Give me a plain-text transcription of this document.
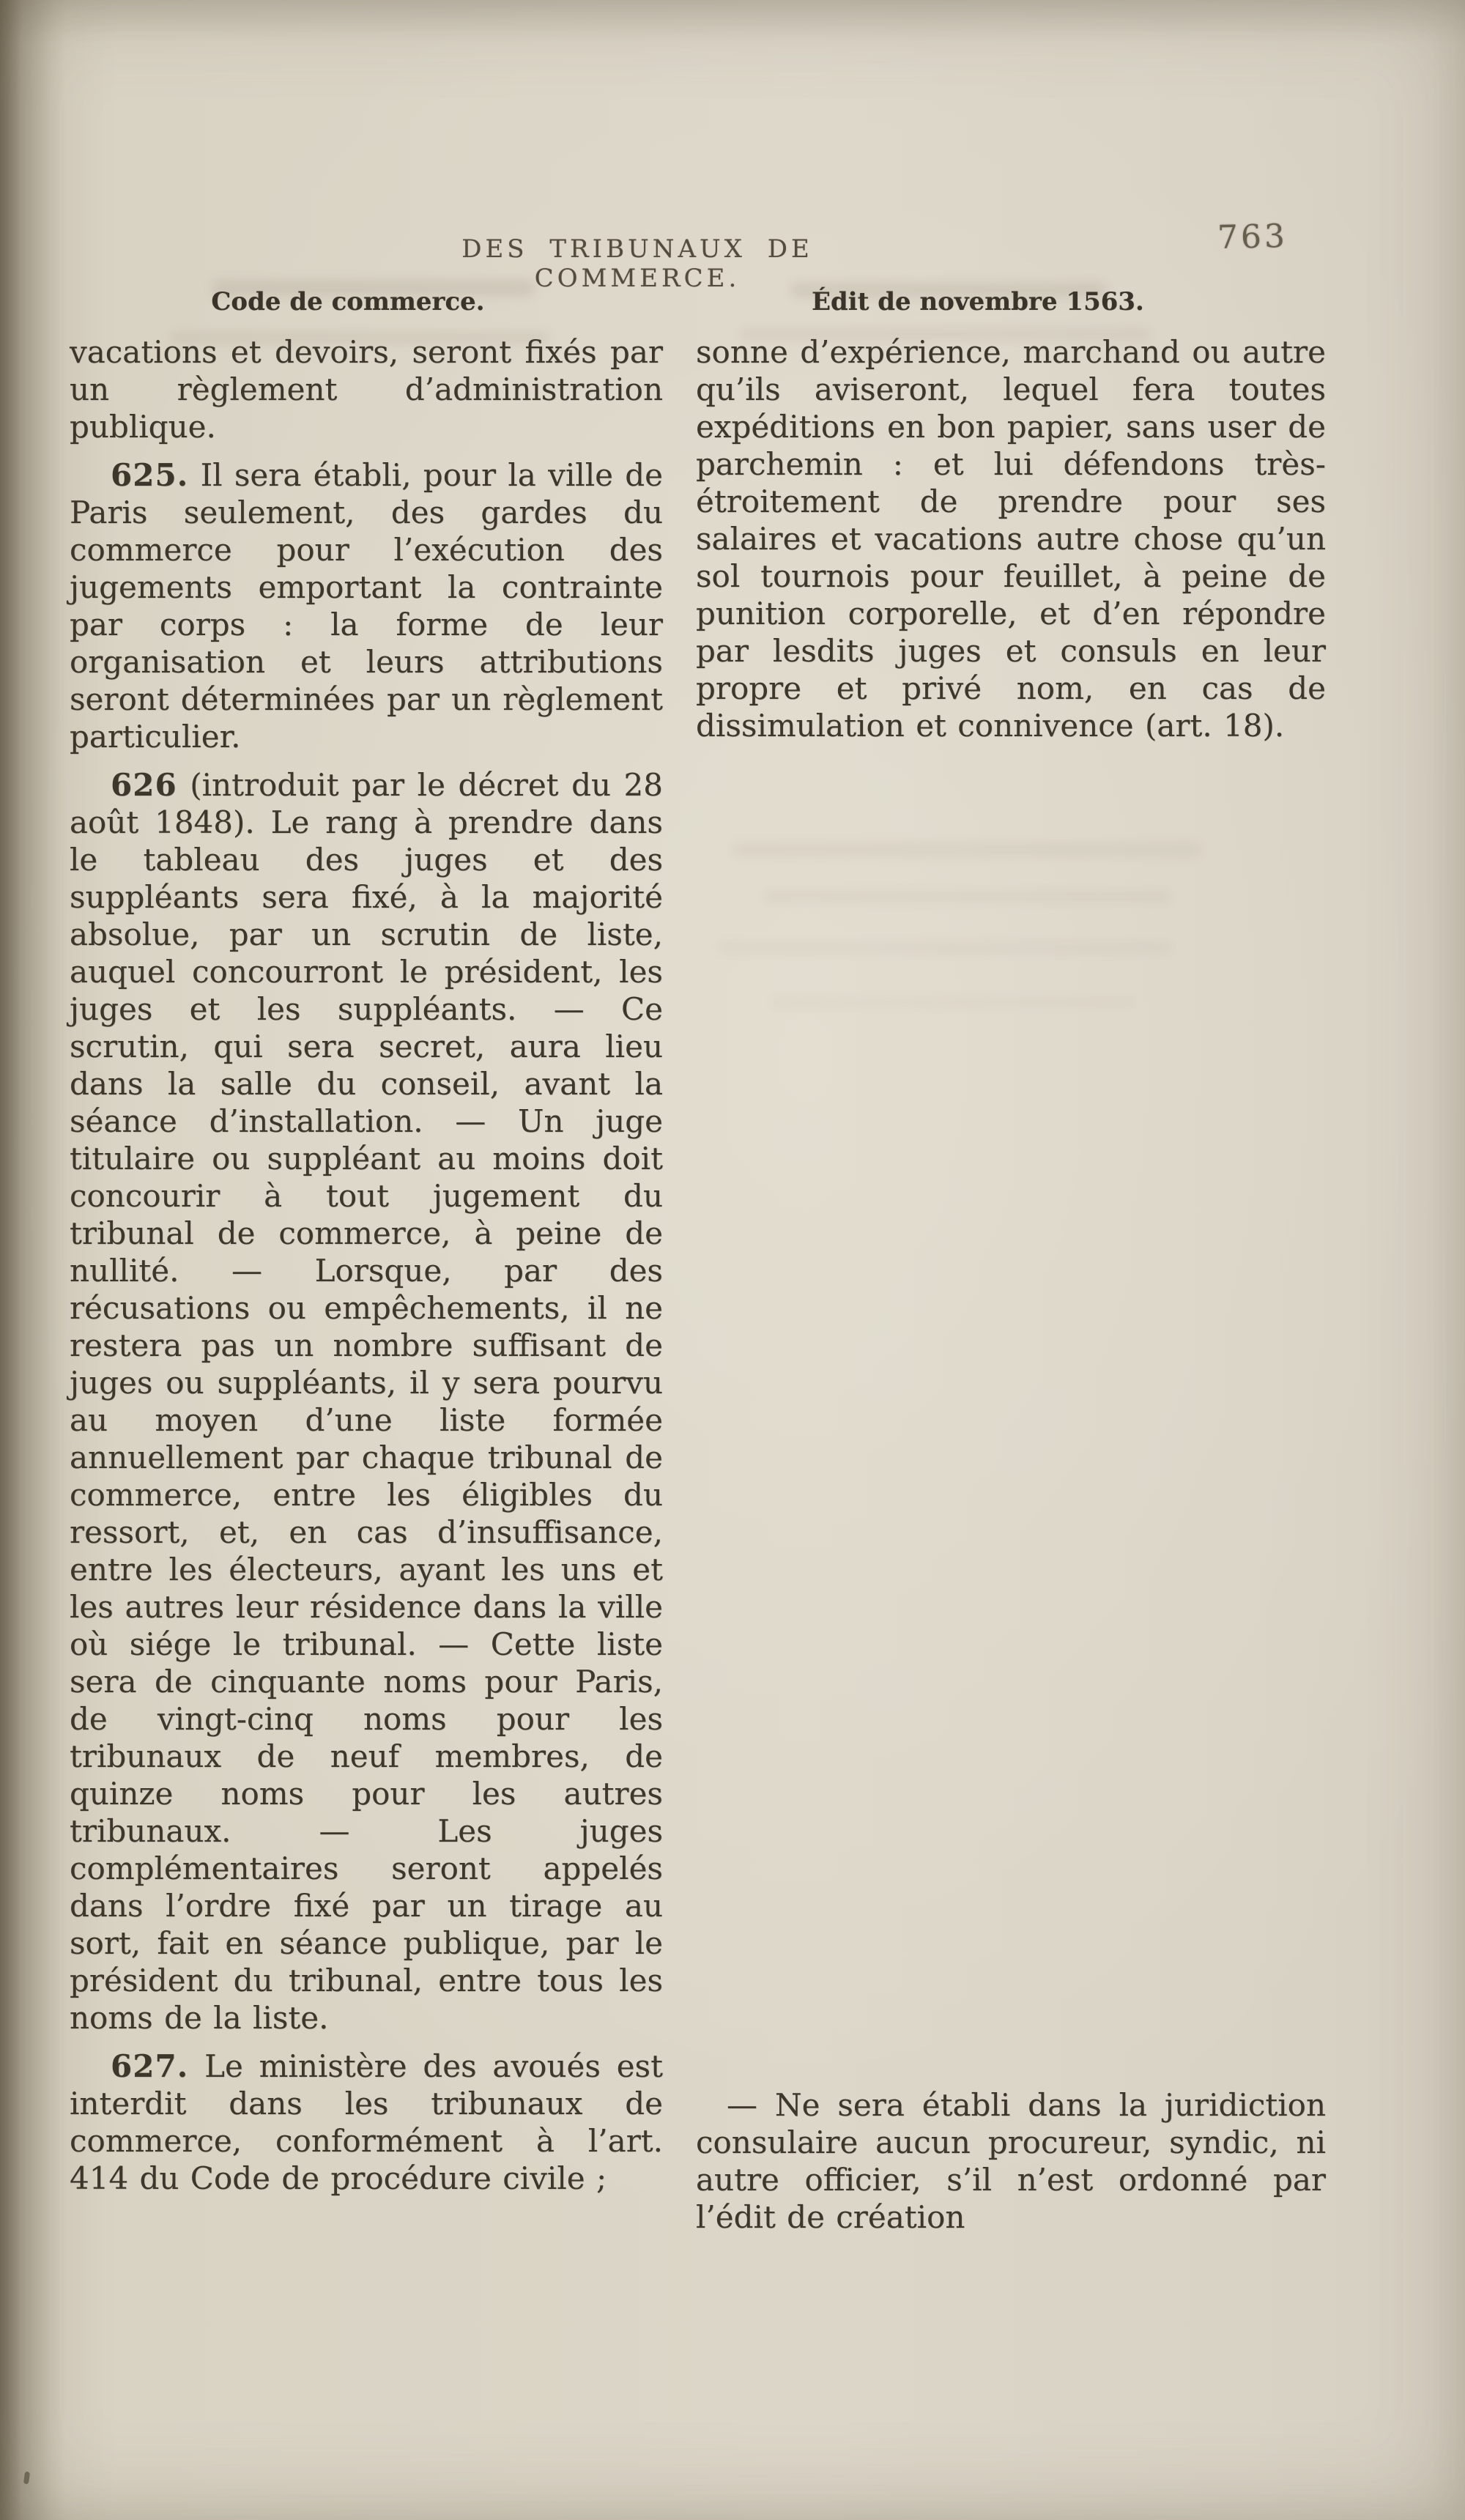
DES TRIBUNAUX DE COMMERCE.
763
Code de commerce.	Édit de novembre 1563.

vacations et devoirs, seront fixés par un règlement d’administration publique.

625. Il sera établi, pour la ville de Paris seulement, des gardes du commerce pour l’exécution des jugements emportant la contrainte par corps : la forme de leur organisation et leurs attributions seront déterminées par un règlement particulier.

626 (introduit par le décret du 28 août 1848). Le rang à prendre dans le tableau des juges et des suppléants sera fixé, à la majorité absolue, par un scrutin de liste, auquel concourront le président, les juges et les suppléants. — Ce scrutin, qui sera secret, aura lieu dans la salle du conseil, avant la séance d’installation. — Un juge titulaire ou suppléant au moins doit concourir à tout jugement du tribunal de commerce, à peine de nullité. — Lorsque, par des récusations ou empêchements, il ne restera pas un nombre suffisant de juges ou suppléants, il y sera pourvu au moyen d’une liste formée annuellement par chaque tribunal de commerce, entre les éligibles du ressort, et, en cas d’insuffisance, entre les électeurs, ayant les uns et les autres leur résidence dans la ville où siége le tribunal. — Cette liste sera de cinquante noms pour Paris, de vingt-cinq noms pour les tribunaux de neuf membres, de quinze noms pour les autres tribunaux. — Les juges complémentaires seront appelés dans l’ordre fixé par un tirage au sort, fait en séance publique, par le président du tribunal, entre tous les noms de la liste.

627. Le ministère des avoués est interdit dans les tribunaux de commerce, conformément à l’art. 414 du Code de procédure civile ;

sonne d’expérience, marchand ou autre qu’ils aviseront, lequel fera toutes expéditions en bon papier, sans user de parchemin : et lui défendons très-étroitement de prendre pour ses salaires et vacations autre chose qu’un sol tournois pour feuillet, à peine de punition corporelle, et d’en répondre par lesdits juges et consuls en leur propre et privé nom, en cas de dissimulation et connivence (art. 18).

— Ne sera établi dans la juridiction consulaire aucun procureur, syndic, ni autre officier, s’il n’est ordonné par l’édit de création
